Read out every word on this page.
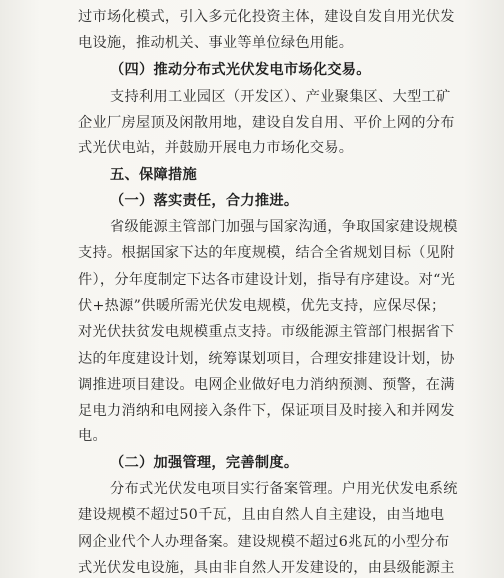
过市场化模式，引入多元化投资主体，建设自发自用光伏发
电设施，推动机关、事业等单位绿色用能。
（四）推动分布式光伏发电市场化交易。
支持利用工业园区（开发区）、产业聚集区、大型工矿
企业厂房屋顶及闲散用地，建设自发自用、平价上网的分布
式光伏电站，并鼓励开展电力市场化交易。
五、保障措施
（一）落实责任，合力推进。
省级能源主管部门加强与国家沟通，争取国家建设规模
支持。根据国家下达的年度规模，结合全省规划目标（见附
件），分年度制定下达各市建设计划，指导有序建设。对“光
伏+热源”供暖所需光伏发电规模，优先支持，应保尽保；
对光伏扶贫发电规模重点支持。市级能源主管部门根据省下
达的年度建设计划，统筹谋划项目，合理安排建设计划，协
调推进项目建设。电网企业做好电力消纳预测、预警，在满
足电力消纳和电网接入条件下，保证项目及时接入和并网发
电。
（二）加强管理，完善制度。
分布式光伏发电项目实行备案管理。户用光伏发电系统
建设规模不超过50千瓦，且由自然人自主建设，由当地电
网企业代个人办理备案。建设规模不超过6兆瓦的小型分布
式光伏发电设施，具由非自然人开发建设的，由县级能源主
